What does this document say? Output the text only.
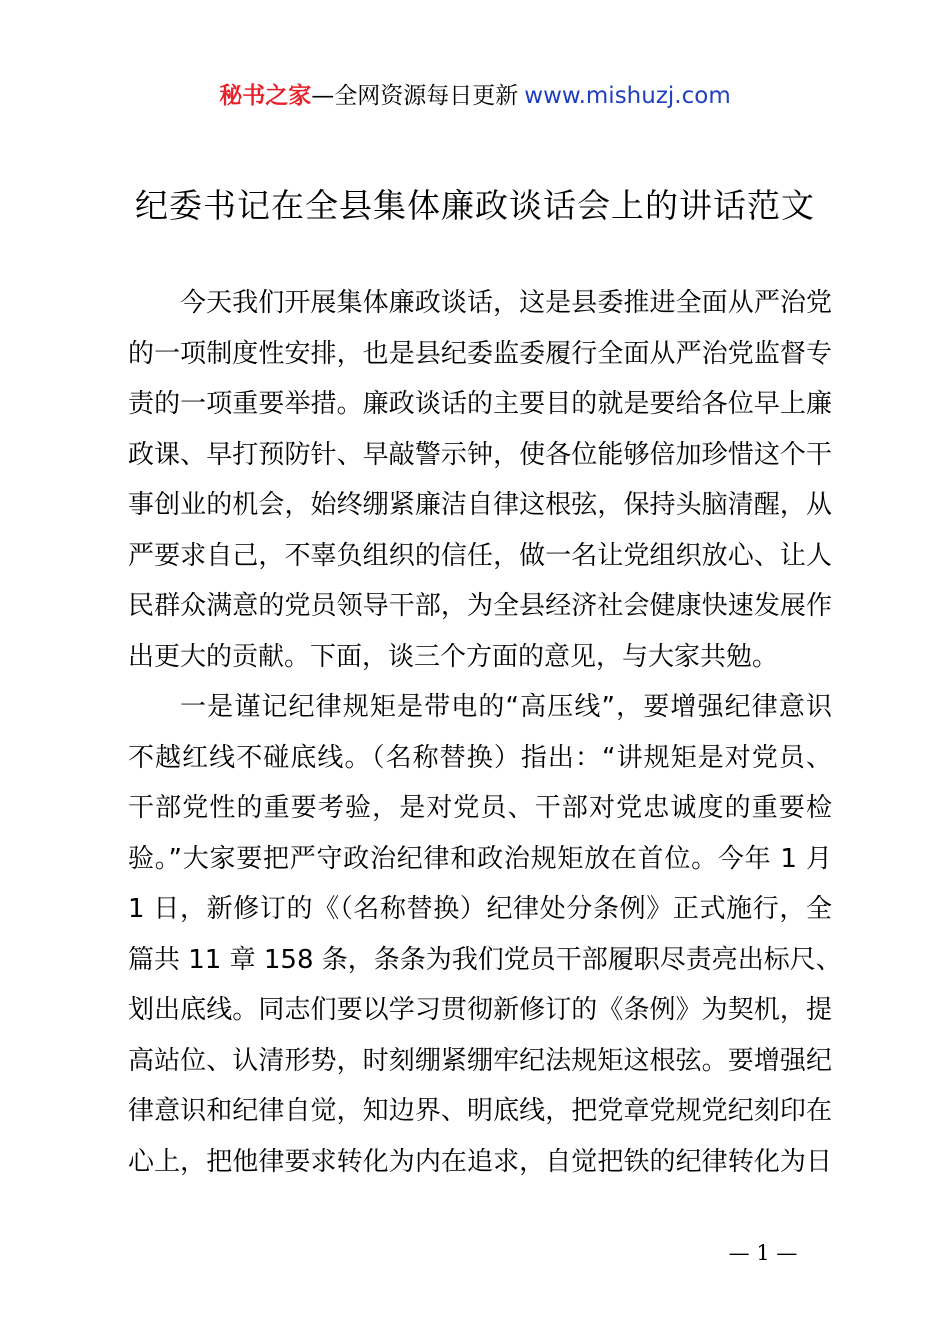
秘书之家—全网资源每日更新 www.mishuzj.com
纪委书记在全县集体廉政谈话会上的讲话范文
今天我们开展集体廉政谈话，这是县委推进全面从严治党
的一项制度性安排，也是县纪委监委履行全面从严治党监督专
责的一项重要举措。廉政谈话的主要目的就是要给各位早上廉
政课、早打预防针、早敲警示钟，使各位能够倍加珍惜这个干
事创业的机会，始终绷紧廉洁自律这根弦，保持头脑清醒，从
严要求自己，不辜负组织的信任，做一名让党组织放心、让人
民群众满意的党员领导干部，为全县经济社会健康快速发展作
出更大的贡献。下面，谈三个方面的意见，与大家共勉。
一是谨记纪律规矩是带电的“高压线”，要增强纪律意识
不越红线不碰底线。（名称替换）指出：“讲规矩是对党员、
干部党性的重要考验，是对党员、干部对党忠诚度的重要检
验。”大家要把严守政治纪律和政治规矩放在首位。今年 1 月
1 日，新修订的《（名称替换）纪律处分条例》正式施行，全
篇共 11 章 158 条，条条为我们党员干部履职尽责亮出标尺、
划出底线。同志们要以学习贯彻新修订的《条例》为契机，提
高站位、认清形势，时刻绷紧绷牢纪法规矩这根弦。要增强纪
律意识和纪律自觉，知边界、明底线，把党章党规党纪刻印在
心上，把他律要求转化为内在追求，自觉把铁的纪律转化为日
— 1 —
